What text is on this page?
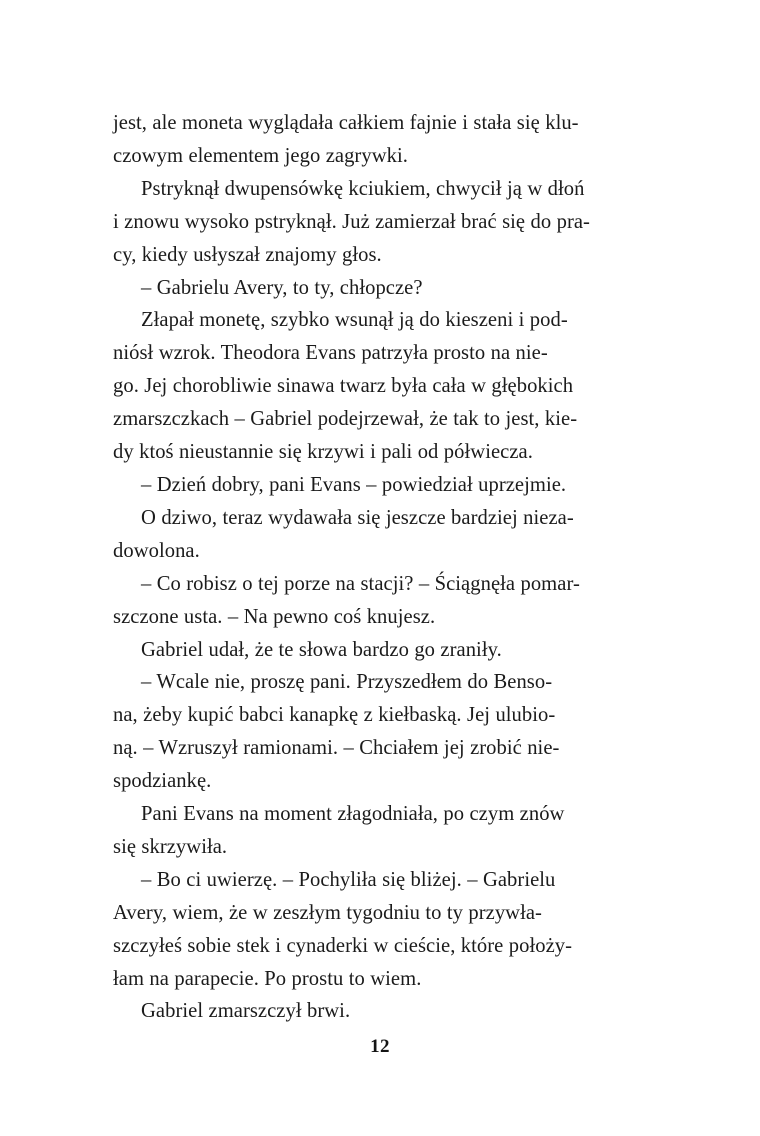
jest, ale moneta wyglądała całkiem fajnie i stała się klu-
czowym elementem jego zagrywki.

Pstryknął dwupensówkę kciukiem, chwycił ją w dłoń
i znowu wysoko pstryknął. Już zamierzał brać się do pra-
cy, kiedy usłyszał znajomy głos.

– Gabrielu Avery, to ty, chłopcze?

Złapał monetę, szybko wsunął ją do kieszeni i pod-
niósł wzrok. Theodora Evans patrzyła prosto na nie-
go. Jej chorobliwie sinawa twarz była cała w głębokich
zmarszczkach – Gabriel podejrzewał, że tak to jest, kie-
dy ktoś nieustannie się krzywi i pali od półwiecza.

– Dzień dobry, pani Evans – powiedział uprzejmie.

O dziwo, teraz wydawała się jeszcze bardziej nieza-
dowolona.

– Co robisz o tej porze na stacji? – Ściągnęła pomar-
szczone usta. – Na pewno coś knujesz.

Gabriel udał, że te słowa bardzo go zraniły.

– Wcale nie, proszę pani. Przyszedłem do Benso-
na, żeby kupić babci kanapkę z kiełbaską. Jej ulubio-
ną. – Wzruszył ramionami. – Chciałem jej zrobić nie-
spodziankę.

Pani Evans na moment złagodniała, po czym znów
się skrzywiła.

– Bo ci uwierzę. – Pochyliła się bliżej. – Gabrielu
Avery, wiem, że w zeszłym tygodniu to ty przywła-
szczyłeś sobie stek i cynaderki w cieście, które położy-
łam na parapecie. Po prostu to wiem.

Gabriel zmarszczył brwi.

12
